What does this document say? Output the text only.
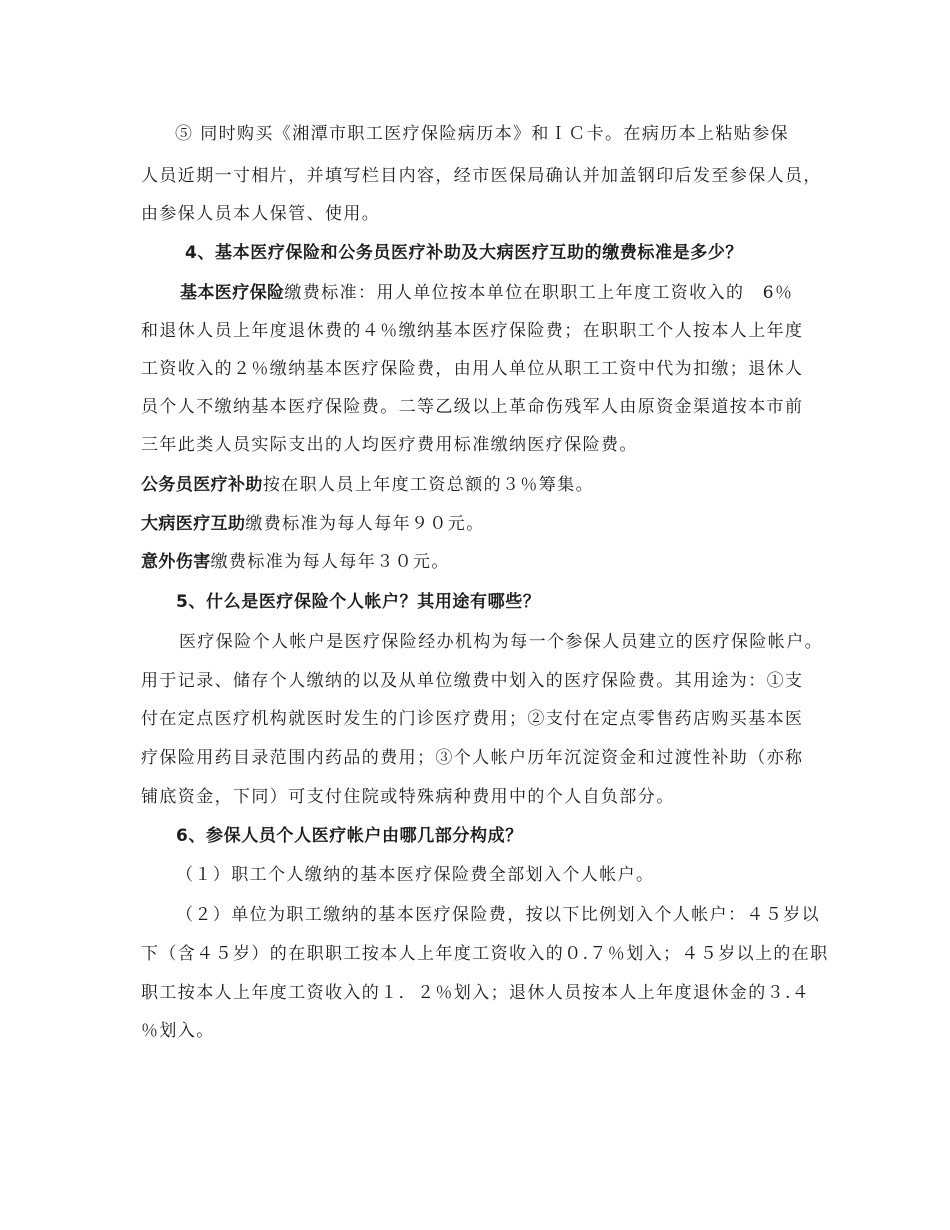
⑤ 同时购买《湘潭市职工医疗保险病历本》和ＩＣ卡。在病历本上粘贴参保
人员近期一寸相片，并填写栏目内容，经市医保局确认并加盖钢印后发至参保人员，
由参保人员本人保管、使用。
4、基本医疗保险和公务员医疗补助及大病医疗互助的缴费标准是多少？
基本医疗保险缴费标准：用人单位按本单位在职职工上年度工资收入的　6％
和退休人员上年度退休费的４％缴纳基本医疗保险费；在职职工个人按本人上年度
工资收入的２％缴纳基本医疗保险费，由用人单位从职工工资中代为扣缴；退休人
员个人不缴纳基本医疗保险费。二等乙级以上革命伤残军人由原资金渠道按本市前
三年此类人员实际支出的人均医疗费用标准缴纳医疗保险费。
公务员医疗补助按在职人员上年度工资总额的３％筹集。
大病医疗互助缴费标准为每人每年９０元。
意外伤害缴费标准为每人每年３０元。
5、什么是医疗保险个人帐户？其用途有哪些？
医疗保险个人帐户是医疗保险经办机构为每一个参保人员建立的医疗保险帐户。
用于记录、储存个人缴纳的以及从单位缴费中划入的医疗保险费。其用途为：①支
付在定点医疗机构就医时发生的门诊医疗费用；②支付在定点零售药店购买基本医
疗保险用药目录范围内药品的费用；③个人帐户历年沉淀资金和过渡性补助（亦称
铺底资金，下同）可支付住院或特殊病种费用中的个人自负部分。
6、参保人员个人医疗帐户由哪几部分构成？
（１）职工个人缴纳的基本医疗保险费全部划入个人帐户。
（２）单位为职工缴纳的基本医疗保险费，按以下比例划入个人帐户：４５岁以
下（含４５岁）的在职职工按本人上年度工资收入的０.７％划入；４５岁以上的在职
职工按本人上年度工资收入的１．２％划入；退休人员按本人上年度退休金的３.４
％划入。
